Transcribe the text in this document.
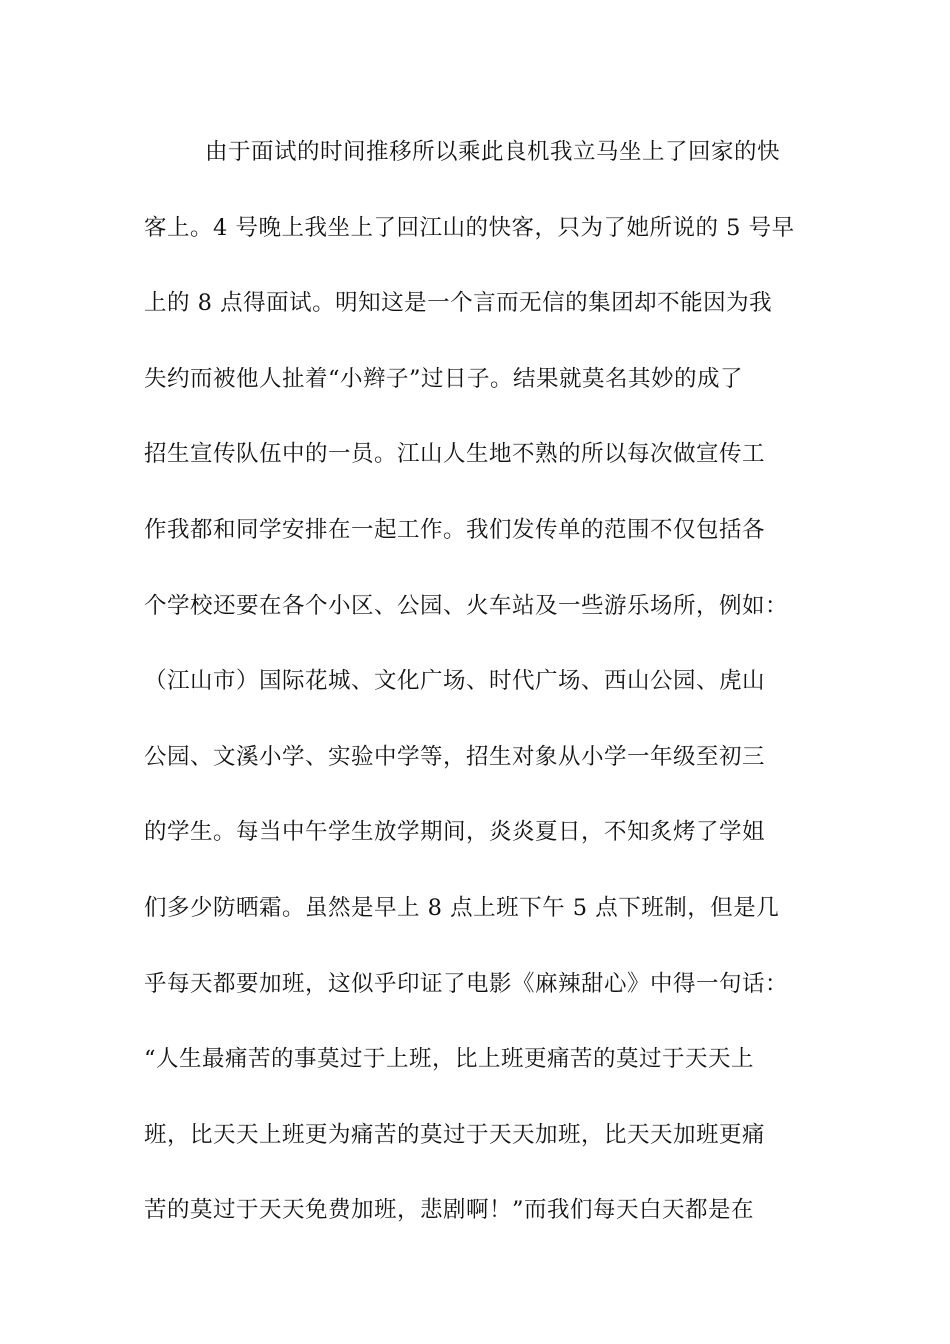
由于面试的时间推移所以乘此良机我立马坐上了回家的快
客上。4 号晚上我坐上了回江山的快客，只为了她所说的 5 号早
上的 8 点得面试。明知这是一个言而无信的集团却不能因为我
失约而被他人扯着“小辫子”过日子。结果就莫名其妙的成了
招生宣传队伍中的一员。江山人生地不熟的所以每次做宣传工
作我都和同学安排在一起工作。我们发传单的范围不仅包括各
个学校还要在各个小区、公园、火车站及一些游乐场所，例如：
（江山市）国际花城、文化广场、时代广场、西山公园、虎山
公园、文溪小学、实验中学等，招生对象从小学一年级至初三
的学生。每当中午学生放学期间，炎炎夏日，不知炙烤了学姐
们多少防晒霜。虽然是早上 8 点上班下午 5 点下班制，但是几
乎每天都要加班，这似乎印证了电影《麻辣甜心》中得一句话：
“人生最痛苦的事莫过于上班，比上班更痛苦的莫过于天天上
班，比天天上班更为痛苦的莫过于天天加班，比天天加班更痛
苦的莫过于天天免费加班，悲剧啊！”而我们每天白天都是在
